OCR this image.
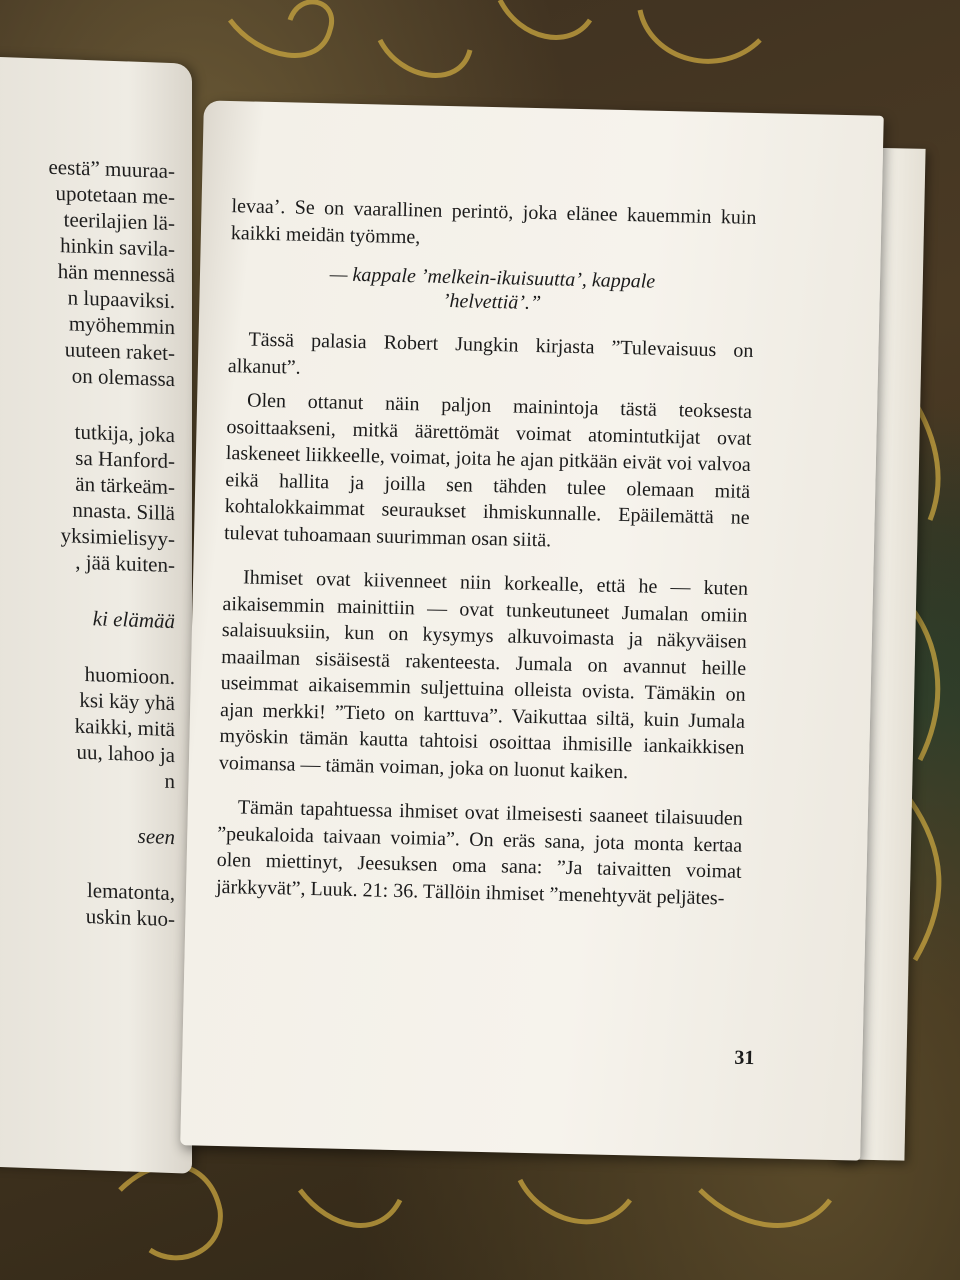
eestä” muuraa-
upotetaan me-
teerilajien lä-
hinkin savila-
hän mennessä
n lupaaviksi.
myöhemmin
uuteen raket-
on olemassa
tutkija, joka
sa Hanford-
än tärkeäm-
nnasta. Sillä
yksimielisyy-
, jää kuiten-
ki elämää
huomioon.
ksi käy yhä
kaikki, mitä
uu, lahoo ja
n
seen
lematonta,
uskin kuo-

levaa’. Se on vaarallinen perintö, joka elänee kauemmin kuin kaikki meidän työmme,

— kappale ’melkein-ikuisuutta’, kappale

’helvettiä’.”

Tässä palasia Robert Jungkin kirjasta ”Tulevaisuus on alkanut”.

Olen ottanut näin paljon mainintoja tästä teoksesta osoittaakseni, mitkä äärettömät voimat atomintutkijat ovat laskeneet liikkeelle, voimat, joita he ajan pitkään eivät voi valvoa eikä hallita ja joilla sen tähden tulee olemaan mitä kohtalokkaimmat seuraukset ihmiskunnalle. Epäilemättä ne tulevat tuhoamaan suurimman osan siitä.

Ihmiset ovat kiivenneet niin korkealle, että he — kuten aikaisemmin mainittiin — ovat tunkeutuneet Jumalan omiin salaisuuksiin, kun on kysymys alkuvoimasta ja näkyväisen maailman sisäisestä rakenteesta. Jumala on avannut heille useimmat aikaisemmin suljettuina olleista ovista. Tämäkin on ajan merkki! ”Tieto on karttuva”. Vaikuttaa siltä, kuin Jumala myöskin tämän kautta tahtoisi osoittaa ihmisille iankaikkisen voimansa — tämän voiman, joka on luonut kaiken.

Tämän tapahtuessa ihmiset ovat ilmeisesti saaneet tilaisuuden ”peukaloida taivaan voimia”. On eräs sana, jota monta kertaa olen miettinyt, Jeesuksen oma sana: ”Ja taivaitten voimat järkkyvät”, Luuk. 21: 36. Tällöin ihmiset ”menehtyvät peljätes-

31
